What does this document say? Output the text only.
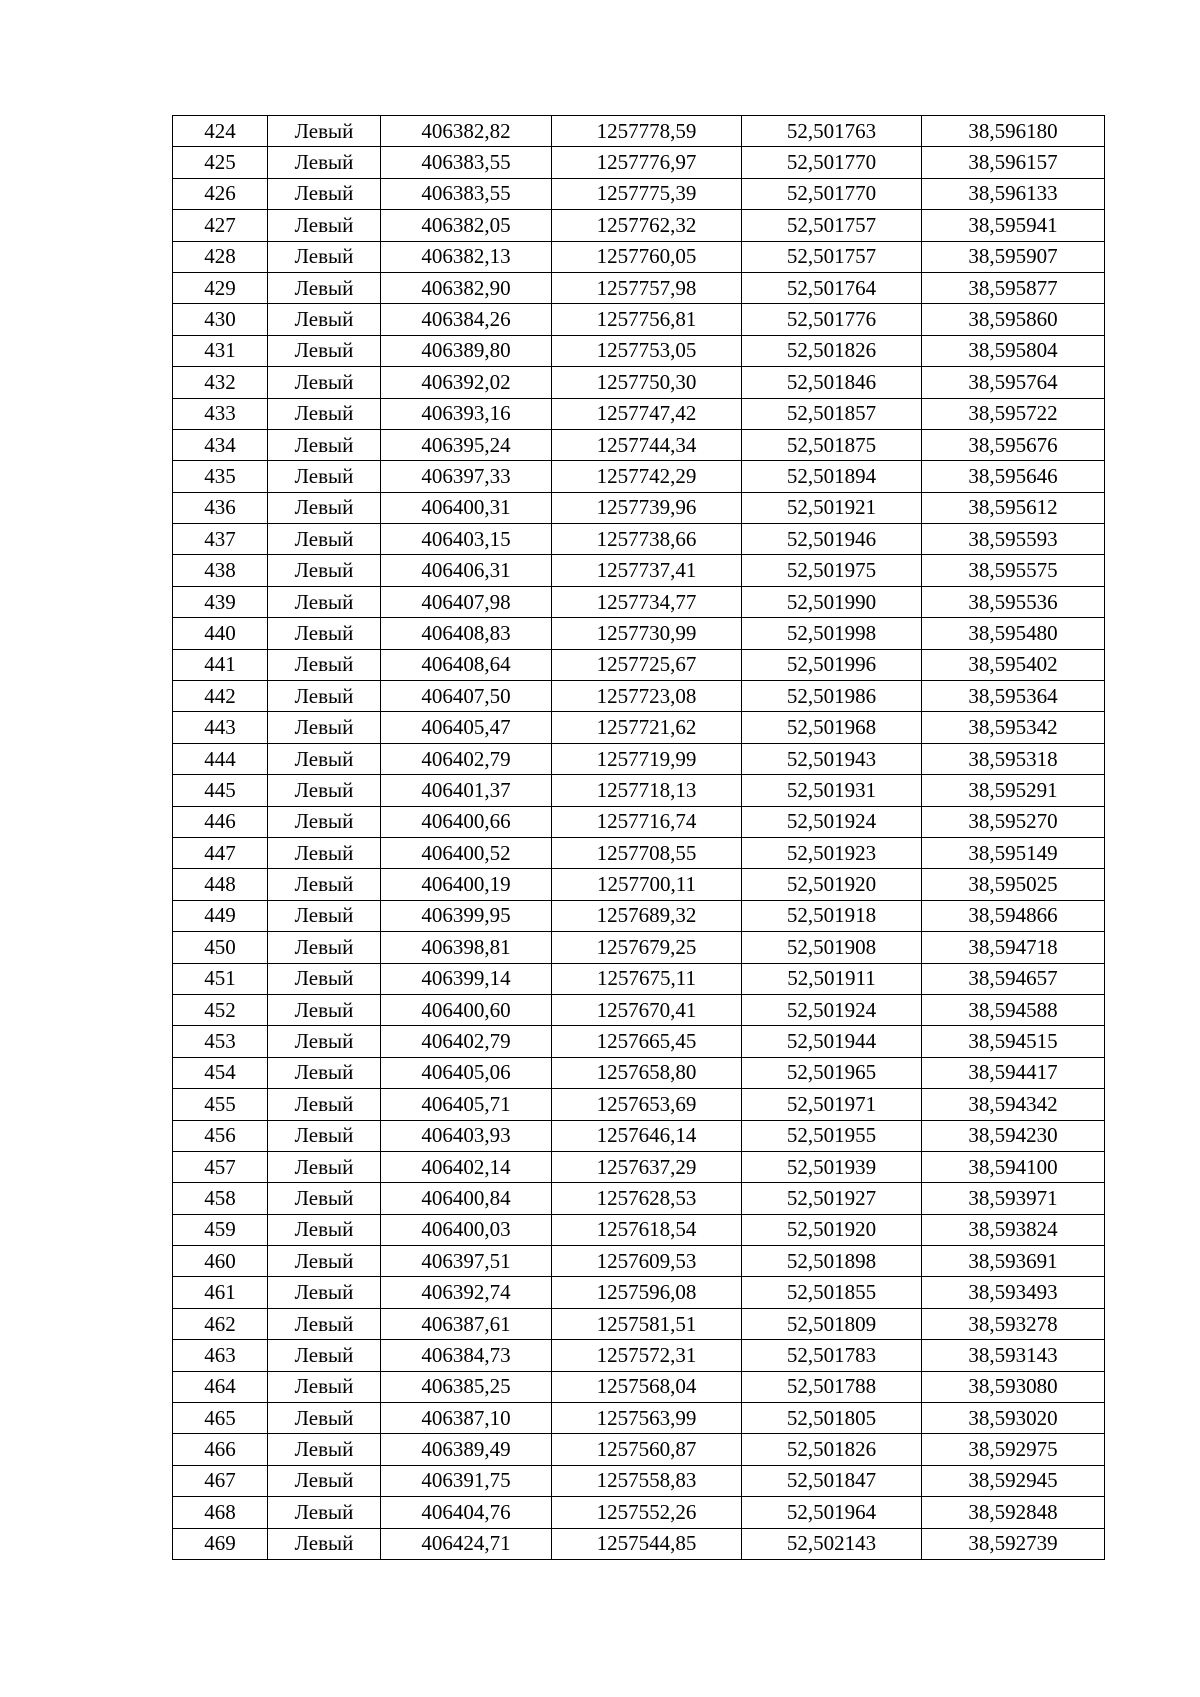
424	Левый	406382,82	1257778,59	52,501763	38,596180
425	Левый	406383,55	1257776,97	52,501770	38,596157
426	Левый	406383,55	1257775,39	52,501770	38,596133
427	Левый	406382,05	1257762,32	52,501757	38,595941
428	Левый	406382,13	1257760,05	52,501757	38,595907
429	Левый	406382,90	1257757,98	52,501764	38,595877
430	Левый	406384,26	1257756,81	52,501776	38,595860
431	Левый	406389,80	1257753,05	52,501826	38,595804
432	Левый	406392,02	1257750,30	52,501846	38,595764
433	Левый	406393,16	1257747,42	52,501857	38,595722
434	Левый	406395,24	1257744,34	52,501875	38,595676
435	Левый	406397,33	1257742,29	52,501894	38,595646
436	Левый	406400,31	1257739,96	52,501921	38,595612
437	Левый	406403,15	1257738,66	52,501946	38,595593
438	Левый	406406,31	1257737,41	52,501975	38,595575
439	Левый	406407,98	1257734,77	52,501990	38,595536
440	Левый	406408,83	1257730,99	52,501998	38,595480
441	Левый	406408,64	1257725,67	52,501996	38,595402
442	Левый	406407,50	1257723,08	52,501986	38,595364
443	Левый	406405,47	1257721,62	52,501968	38,595342
444	Левый	406402,79	1257719,99	52,501943	38,595318
445	Левый	406401,37	1257718,13	52,501931	38,595291
446	Левый	406400,66	1257716,74	52,501924	38,595270
447	Левый	406400,52	1257708,55	52,501923	38,595149
448	Левый	406400,19	1257700,11	52,501920	38,595025
449	Левый	406399,95	1257689,32	52,501918	38,594866
450	Левый	406398,81	1257679,25	52,501908	38,594718
451	Левый	406399,14	1257675,11	52,501911	38,594657
452	Левый	406400,60	1257670,41	52,501924	38,594588
453	Левый	406402,79	1257665,45	52,501944	38,594515
454	Левый	406405,06	1257658,80	52,501965	38,594417
455	Левый	406405,71	1257653,69	52,501971	38,594342
456	Левый	406403,93	1257646,14	52,501955	38,594230
457	Левый	406402,14	1257637,29	52,501939	38,594100
458	Левый	406400,84	1257628,53	52,501927	38,593971
459	Левый	406400,03	1257618,54	52,501920	38,593824
460	Левый	406397,51	1257609,53	52,501898	38,593691
461	Левый	406392,74	1257596,08	52,501855	38,593493
462	Левый	406387,61	1257581,51	52,501809	38,593278
463	Левый	406384,73	1257572,31	52,501783	38,593143
464	Левый	406385,25	1257568,04	52,501788	38,593080
465	Левый	406387,10	1257563,99	52,501805	38,593020
466	Левый	406389,49	1257560,87	52,501826	38,592975
467	Левый	406391,75	1257558,83	52,501847	38,592945
468	Левый	406404,76	1257552,26	52,501964	38,592848
469	Левый	406424,71	1257544,85	52,502143	38,592739
